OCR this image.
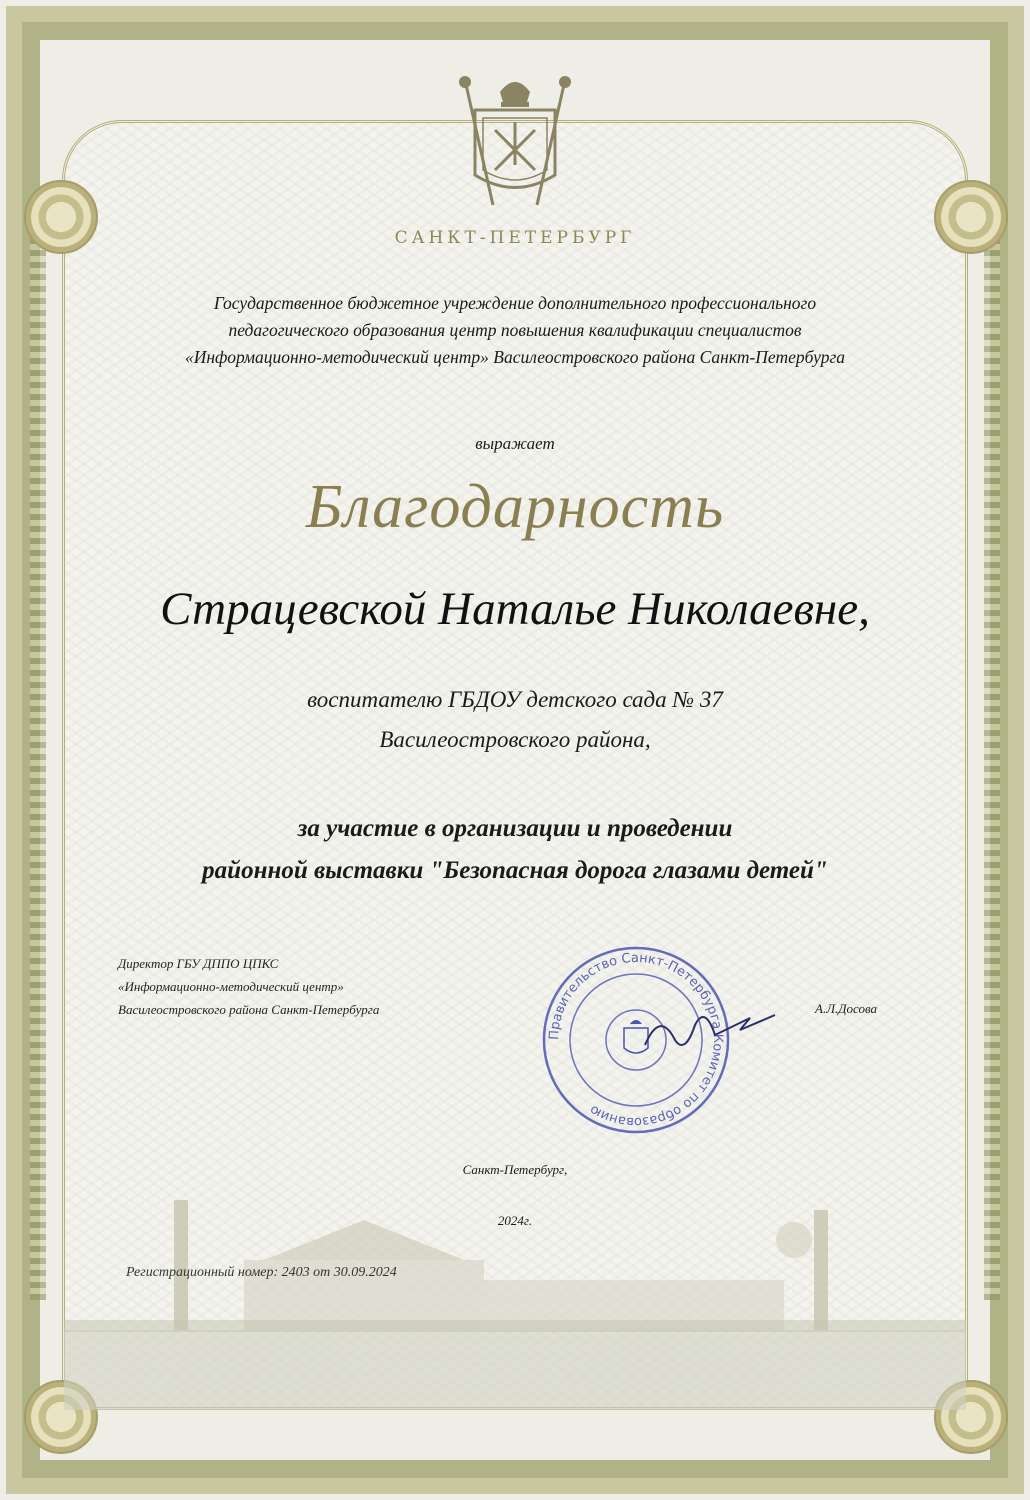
САНКТ-ПЕТЕРБУРГ
Государственное бюджетное учреждение дополнительного профессионального
педагогического образования центр повышения квалификации специалистов
«Информационно-методический центр» Василеостровского района Санкт-Петербурга
выражает
Благодарность
Страцевской Наталье Николаевне,
воспитателю ГБДОУ детского сада № 37
Василеостровского района,
за участие в организации и проведении
районной выставки "Безопасная дорога глазами детей"
Директор ГБУ ДППО ЦПКС
«Информационно-методический центр»
Василеостровского района Санкт-Петербурга
Правительство Санкт-Петербурга Комитет по образованию
А.Л.Досова
Санкт-Петербург,
2024г.
Регистрационный номер: 2403 от 30.09.2024
